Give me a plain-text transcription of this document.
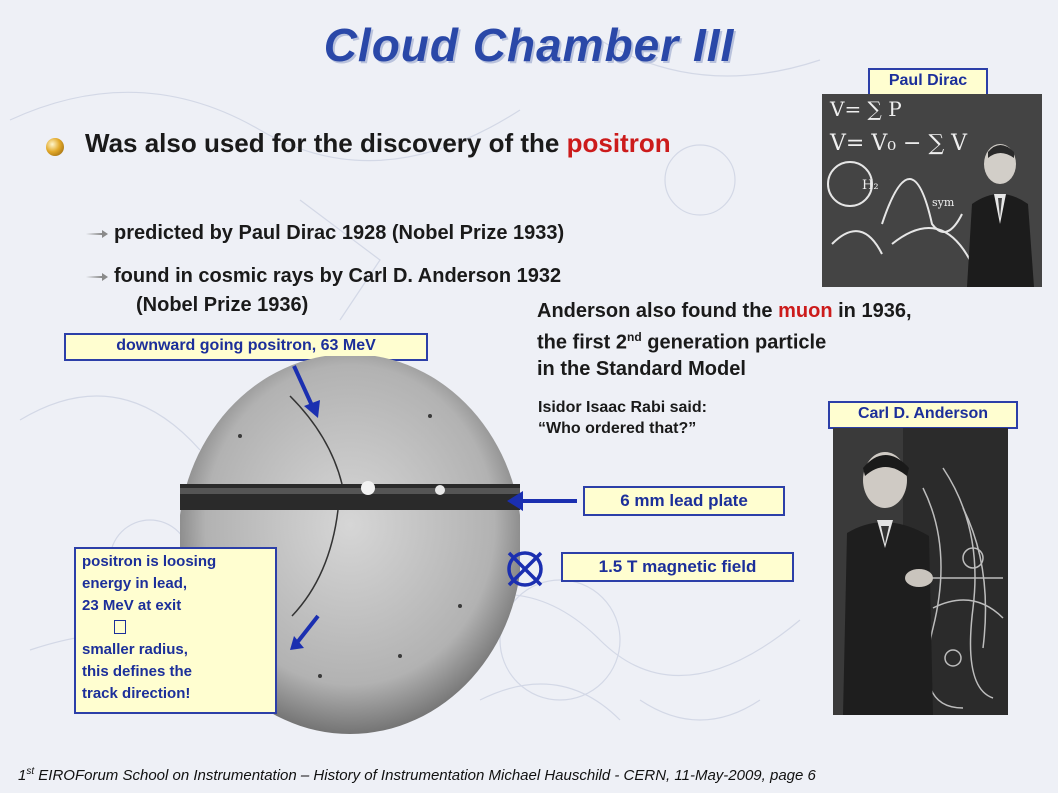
Cloud Chamber III
Was also used for the discovery of the positron
predicted by Paul Dirac 1928 (Nobel Prize 1933)
found in cosmic rays by Carl D. Anderson 1932
(Nobel Prize 1936)
Paul Dirac
V= ∑ P
V= V₀ − ∑ V
H₂
sym
Anderson also found the muon in 1936,
the first 2nd generation particle
in the Standard Model
Isidor Isaac Rabi said:
“Who ordered that?”
Carl D. Anderson
downward going positron, 63 MeV
6 mm lead plate
1.5 T magnetic field
positron is loosing
energy in lead,
23 MeV at exit
smaller radius,
this defines the
track direction!
1st EIROForum School on Instrumentation – History of Instrumentation Michael Hauschild - CERN, 11-May-2009, page 6
